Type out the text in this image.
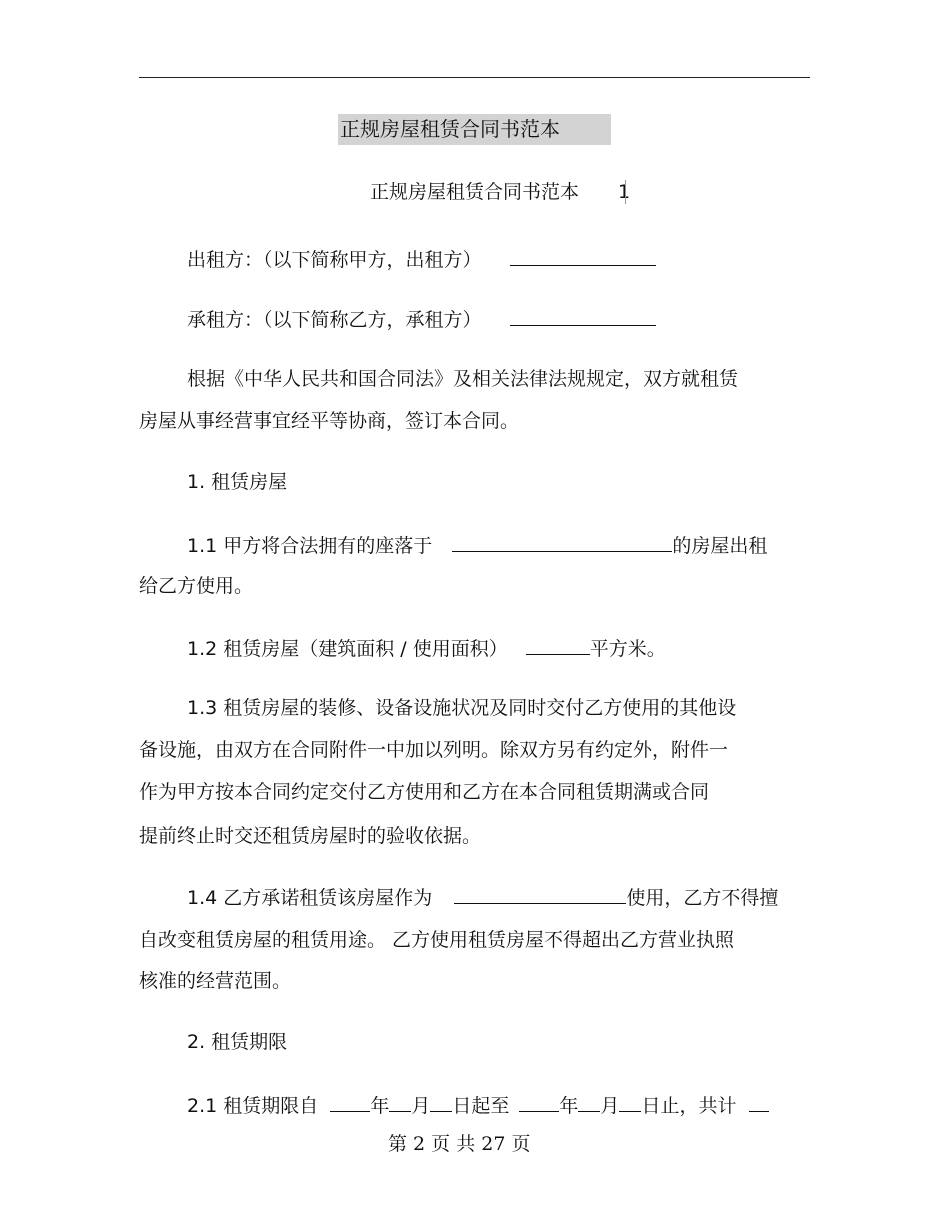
正规房屋租赁合同书范本
正规房屋租赁合同书范本 1
出租方：（以下简称甲方，出租方）
承租方：（以下简称乙方，承租方）
根据《中华人民共和国合同法》及相关法律法规规定，双方就租赁
房屋从事经营事宜经平等协商，签订本合同。
1. 租赁房屋
1.1 甲方将合法拥有的座落于	的房屋出租
给乙方使用。
1.2 租赁房屋（建筑面积 / 使用面积）	平方米。
1.3 租赁房屋的装修、设备设施状况及同时交付乙方使用的其他设
备设施，由双方在合同附件一中加以列明。除双方另有约定外，附件一
作为甲方按本合同约定交付乙方使用和乙方在本合同租赁期满或合同
提前终止时交还租赁房屋时的验收依据。
1.4 乙方承诺租赁该房屋作为	使用，乙方不得擅
自改变租赁房屋的租赁用途。 乙方使用租赁房屋不得超出乙方营业执照
核准的经营范围。
2. 租赁期限
2.1 租赁期限自	年 月 日起至	年 月 日止，共计
第 2 页 共 27 页
